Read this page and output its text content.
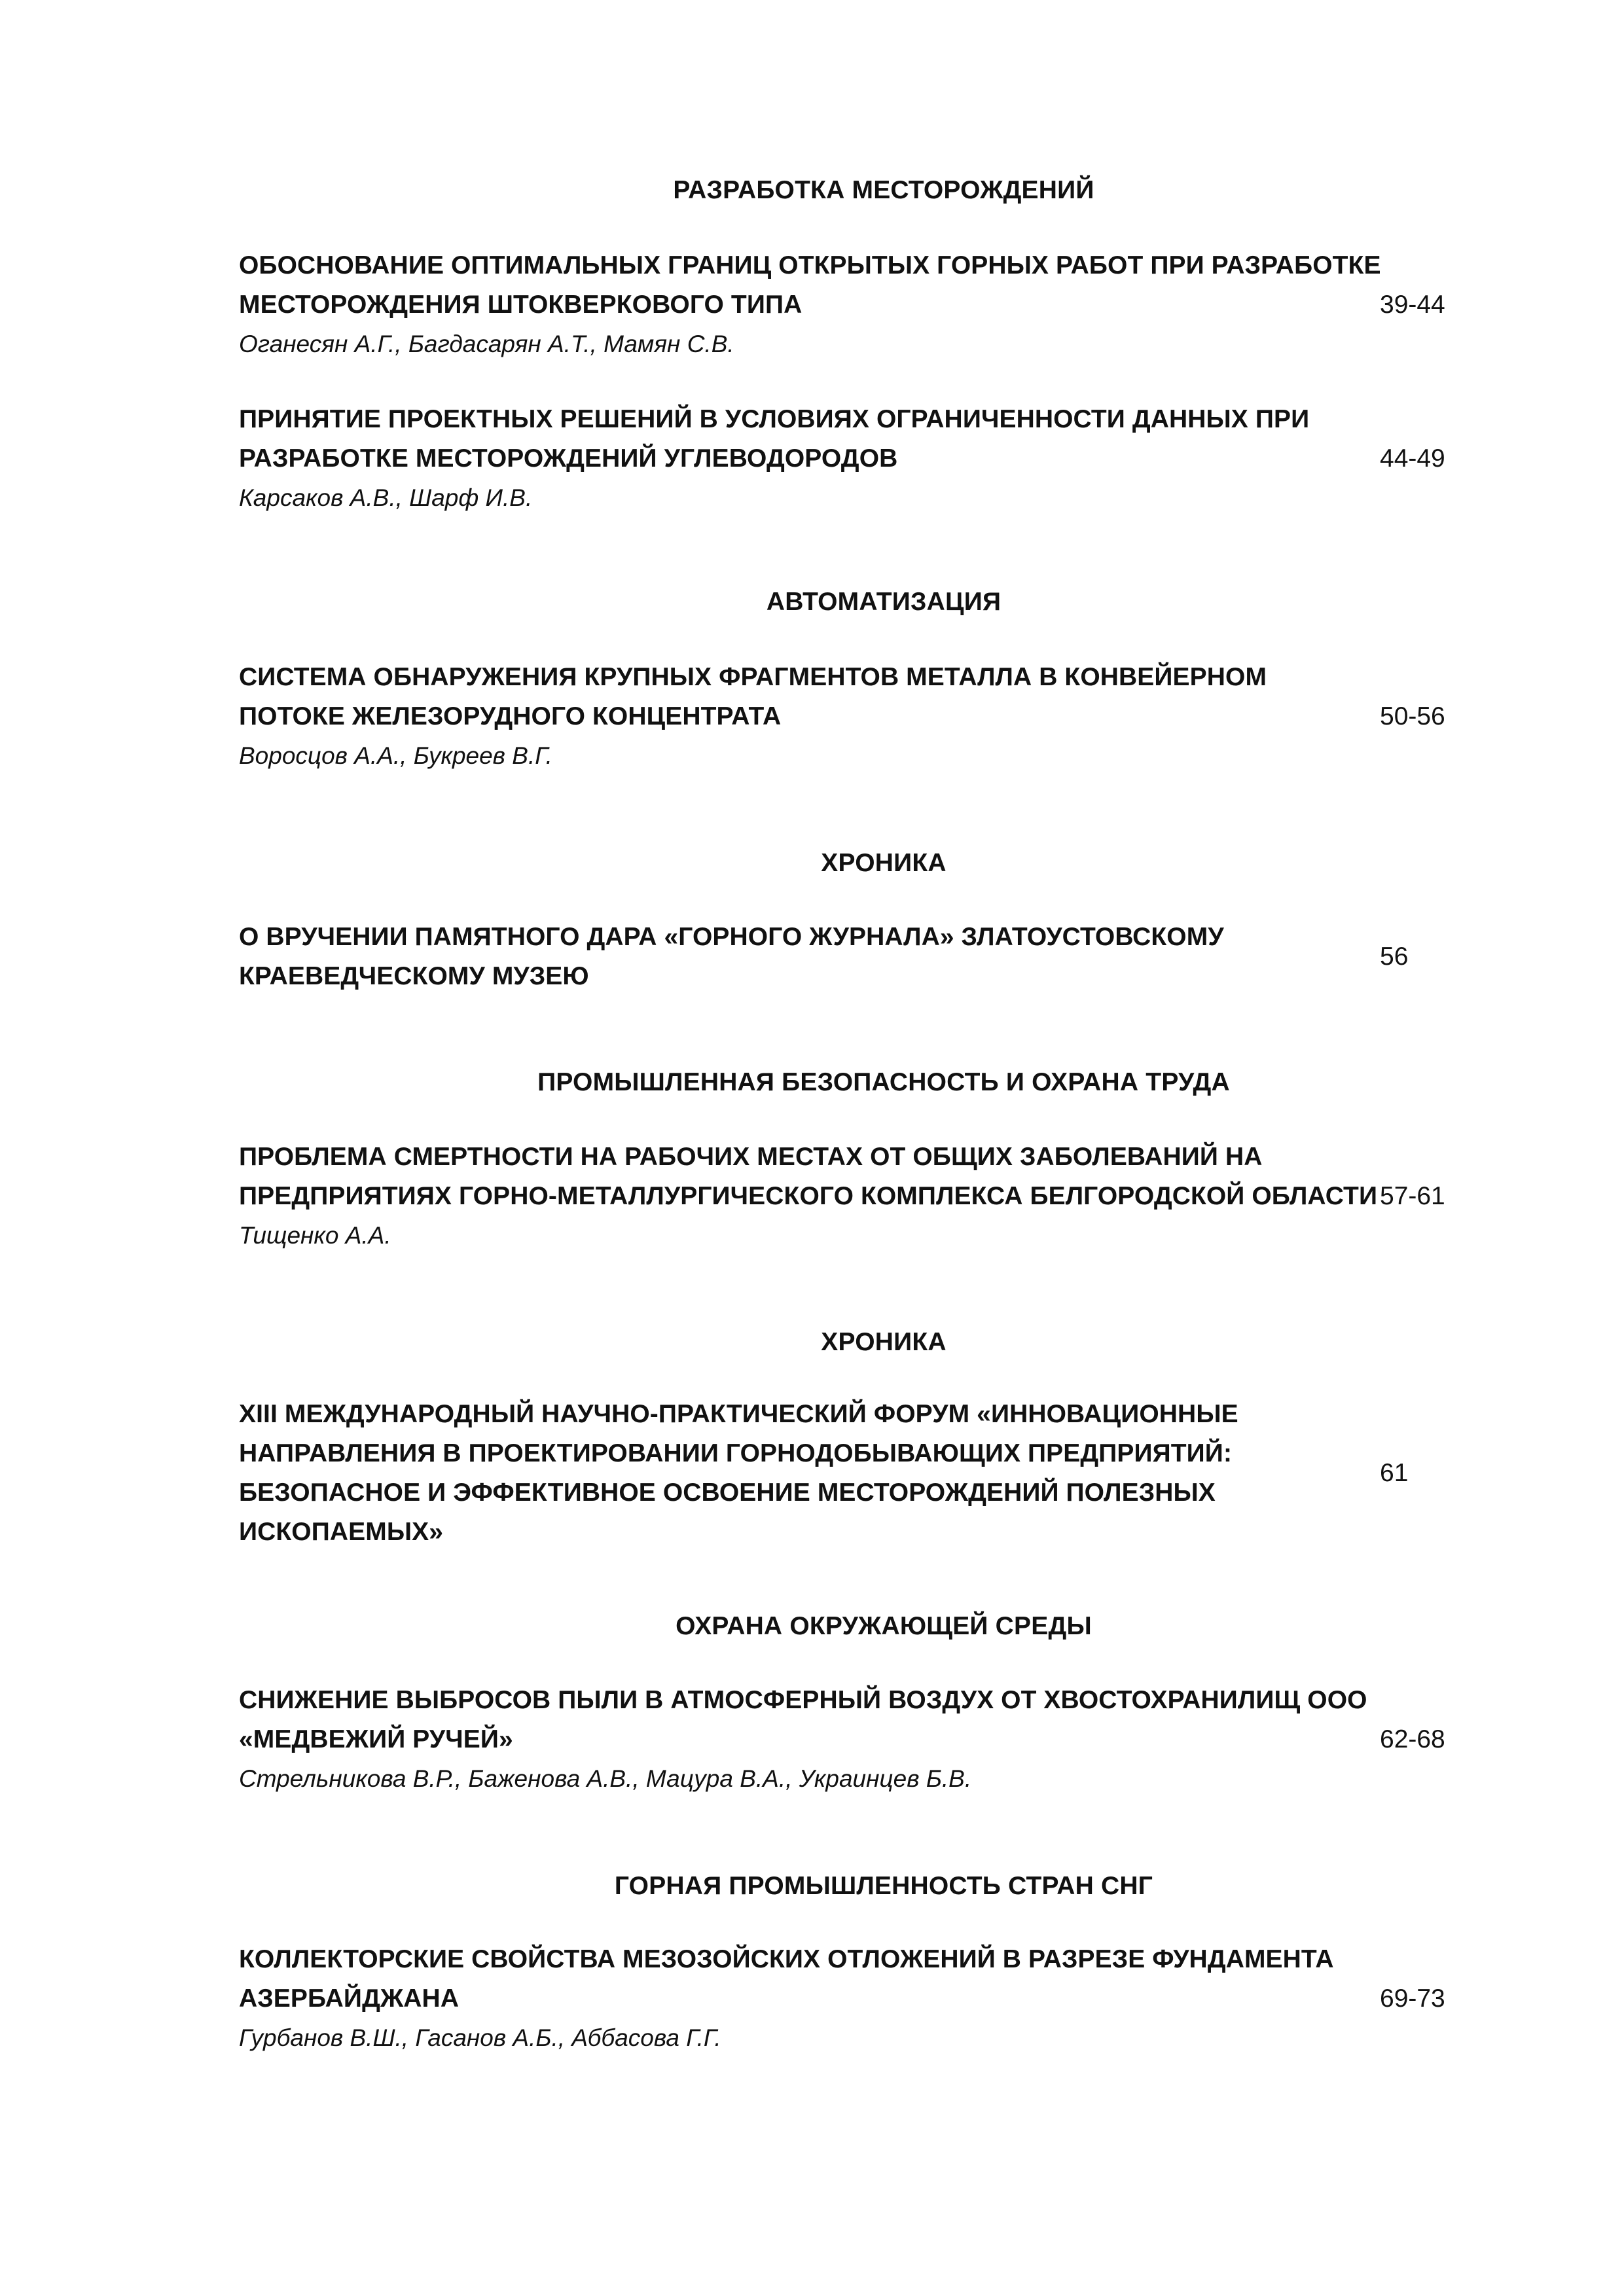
РАЗРАБОТКА МЕСТОРОЖДЕНИЙ
ОБОСНОВАНИЕ ОПТИМАЛЬНЫХ ГРАНИЦ ОТКРЫТЫХ ГОРНЫХ РАБОТ ПРИ РАЗРАБОТКЕ
МЕСТОРОЖДЕНИЯ ШТОКВЕРКОВОГО ТИПА
Оганесян А.Г., Багдасарян А.Т., Мамян С.В.
39-44
ПРИНЯТИЕ ПРОЕКТНЫХ РЕШЕНИЙ В УСЛОВИЯХ ОГРАНИЧЕННОСТИ ДАННЫХ ПРИ
РАЗРАБОТКЕ МЕСТОРОЖДЕНИЙ УГЛЕВОДОРОДОВ
Карсаков А.В., Шарф И.В.
44-49
АВТОМАТИЗАЦИЯ
СИСТЕМА ОБНАРУЖЕНИЯ КРУПНЫХ ФРАГМЕНТОВ МЕТАЛЛА В КОНВЕЙЕРНОМ
ПОТОКЕ ЖЕЛЕЗОРУДНОГО КОНЦЕНТРАТА
Воросцов А.А., Букреев В.Г.
50-56
ХРОНИКА
О ВРУЧЕНИИ ПАМЯТНОГО ДАРА «ГОРНОГО ЖУРНАЛА» ЗЛАТОУСТОВСКОМУ
КРАЕВЕДЧЕСКОМУ МУЗЕЮ
56
ПРОМЫШЛЕННАЯ БЕЗОПАСНОСТЬ И ОХРАНА ТРУДА
ПРОБЛЕМА СМЕРТНОСТИ НА РАБОЧИХ МЕСТАХ ОТ ОБЩИХ ЗАБОЛЕВАНИЙ НА
ПРЕДПРИЯТИЯХ ГОРНО-МЕТАЛЛУРГИЧЕСКОГО КОМПЛЕКСА БЕЛГОРОДСКОЙ ОБЛАСТИ
Тищенко А.А.
57-61
ХРОНИКА
XIII МЕЖДУНАРОДНЫЙ НАУЧНО-ПРАКТИЧЕСКИЙ ФОРУМ «ИННОВАЦИОННЫЕ
НАПРАВЛЕНИЯ В ПРОЕКТИРОВАНИИ ГОРНОДОБЫВАЮЩИХ ПРЕДПРИЯТИЙ:
БЕЗОПАСНОЕ И ЭФФЕКТИВНОЕ ОСВОЕНИЕ МЕСТОРОЖДЕНИЙ ПОЛЕЗНЫХ
ИСКОПАЕМЫХ»
61
ОХРАНА ОКРУЖАЮЩЕЙ СРЕДЫ
СНИЖЕНИЕ ВЫБРОСОВ ПЫЛИ В АТМОСФЕРНЫЙ ВОЗДУХ ОТ ХВОСТОХРАНИЛИЩ ООО
«МЕДВЕЖИЙ РУЧЕЙ»
Стрельникова В.Р., Баженова А.В., Мацура В.А., Украинцев Б.В.
62-68
ГОРНАЯ ПРОМЫШЛЕННОСТЬ СТРАН СНГ
КОЛЛЕКТОРСКИЕ СВОЙСТВА МЕЗОЗОЙСКИХ ОТЛОЖЕНИЙ В РАЗРЕЗЕ ФУНДАМЕНТА
АЗЕРБАЙДЖАНА
Гурбанов В.Ш., Гасанов А.Б., Аббасова Г.Г.
69-73
